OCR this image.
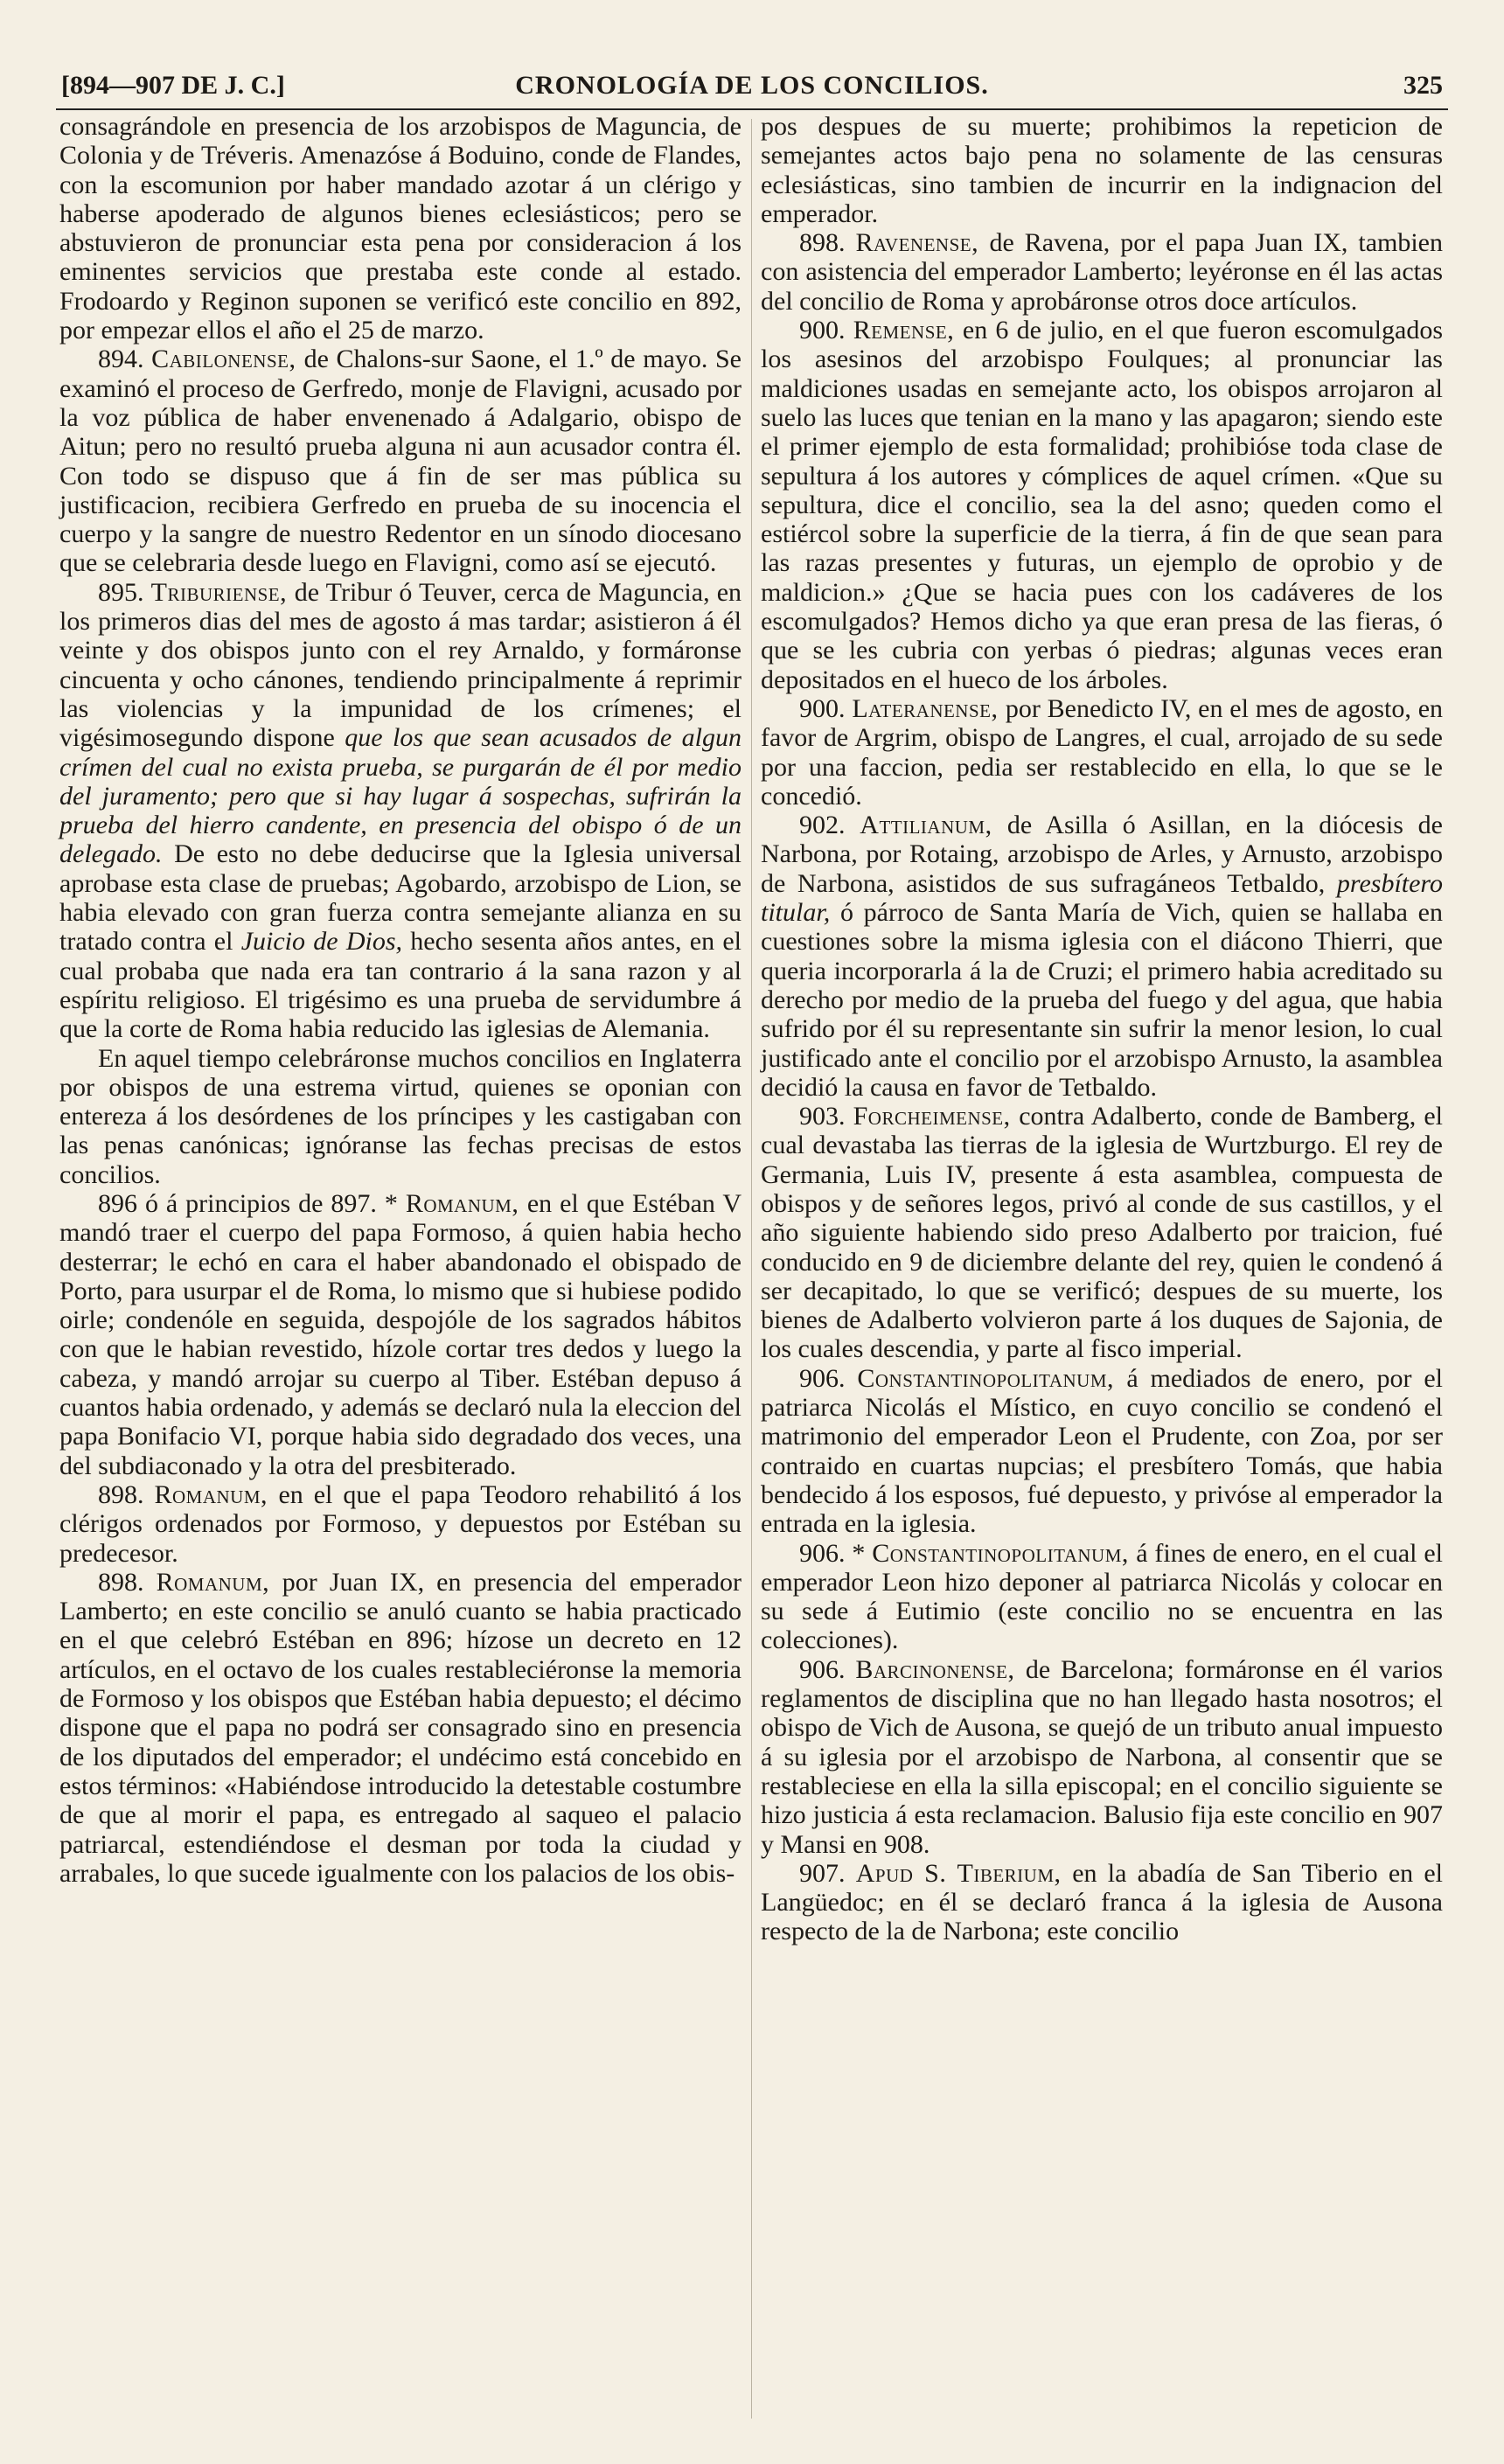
[894—907 DE J. C.]	CRONOLOGÍA DE LOS CONCILIOS.	325

consagrándole en presencia de los arzobispos de Maguncia, de Colonia y de Tréveris. Amenazóse á Boduino, conde de Flandes, con la escomunion por haber mandado azotar á un clérigo y haberse apoderado de algunos bienes eclesiásticos; pero se abstuvieron de pronunciar esta pena por consideracion á los eminentes servicios que prestaba este conde al estado. Frodoardo y Reginon suponen se verificó este concilio en 892, por empezar ellos el año el 25 de marzo.

894. Cabilonense, de Chalons-sur Saone, el 1.º de mayo. Se examinó el proceso de Gerfredo, monje de Flavigni, acusado por la voz pública de haber envenenado á Adalgario, obispo de Aitun; pero no resultó prueba alguna ni aun acusador contra él. Con todo se dispuso que á fin de ser mas pública su justificacion, recibiera Gerfredo en prueba de su inocencia el cuerpo y la sangre de nuestro Redentor en un sínodo diocesano que se celebraria desde luego en Flavigni, como así se ejecutó.

895. Triburiense, de Tribur ó Teuver, cerca de Maguncia, en los primeros dias del mes de agosto á mas tardar; asistieron á él veinte y dos obispos junto con el rey Arnaldo, y formáronse cincuenta y ocho cánones, tendiendo principalmente á reprimir las violencias y la impunidad de los crímenes; el vigésimosegundo dispone que los que sean acusados de algun crímen del cual no exista prueba, se purgarán de él por medio del juramento; pero que si hay lugar á sospechas, sufrirán la prueba del hierro candente, en presencia del obispo ó de un delegado. De esto no debe deducirse que la Iglesia universal aprobase esta clase de pruebas; Agobardo, arzobispo de Lion, se habia elevado con gran fuerza contra semejante alianza en su tratado contra el Juicio de Dios, hecho sesenta años antes, en el cual probaba que nada era tan contrario á la sana razon y al espíritu religioso. El trigésimo es una prueba de servidumbre á que la corte de Roma habia reducido las iglesias de Alemania.

En aquel tiempo celebráronse muchos concilios en Inglaterra por obispos de una estrema virtud, quienes se oponian con entereza á los desórdenes de los príncipes y les castigaban con las penas canónicas; ignóranse las fechas precisas de estos concilios.

896 ó á principios de 897. * Romanum, en el que Estéban V mandó traer el cuerpo del papa Formoso, á quien habia hecho desterrar; le echó en cara el haber abandonado el obispado de Porto, para usurpar el de Roma, lo mismo que si hubiese podido oirle; condenóle en seguida, despojóle de los sagrados hábitos con que le habian revestido, hízole cortar tres dedos y luego la cabeza, y mandó arrojar su cuerpo al Tiber. Estéban depuso á cuantos habia ordenado, y además se declaró nula la eleccion del papa Bonifacio VI, porque habia sido degradado dos veces, una del subdiaconado y la otra del presbiterado.

898. Romanum, en el que el papa Teodoro rehabilitó á los clérigos ordenados por Formoso, y depuestos por Estéban su predecesor.

898. Romanum, por Juan IX, en presencia del emperador Lamberto; en este concilio se anuló cuanto se habia practicado en el que celebró Estéban en 896; hízose un decreto en 12 artículos, en el octavo de los cuales restableciéronse la memoria de Formoso y los obispos que Estéban habia depuesto; el décimo dispone que el papa no podrá ser consagrado sino en presencia de los diputados del emperador; el undécimo está concebido en estos términos: «Habiéndose introducido la detestable costumbre de que al morir el papa, es entregado al saqueo el palacio patriarcal, estendiéndose el desman por toda la ciudad y arrabales, lo que sucede igualmente con los palacios de los obis-

pos despues de su muerte; prohibimos la repeticion de semejantes actos bajo pena no solamente de las censuras eclesiásticas, sino tambien de incurrir en la indignacion del emperador.

898. Ravenense, de Ravena, por el papa Juan IX, tambien con asistencia del emperador Lamberto; leyéronse en él las actas del concilio de Roma y aprobáronse otros doce artículos.

900. Remense, en 6 de julio, en el que fueron escomulgados los asesinos del arzobispo Foulques; al pronunciar las maldiciones usadas en semejante acto, los obispos arrojaron al suelo las luces que tenian en la mano y las apagaron; siendo este el primer ejemplo de esta formalidad; prohibióse toda clase de sepultura á los autores y cómplices de aquel crímen. «Que su sepultura, dice el concilio, sea la del asno; queden como el estiércol sobre la superficie de la tierra, á fin de que sean para las razas presentes y futuras, un ejemplo de oprobio y de maldicion.» ¿Que se hacia pues con los cadáveres de los escomulgados? Hemos dicho ya que eran presa de las fieras, ó que se les cubria con yerbas ó piedras; algunas veces eran depositados en el hueco de los árboles.

900. Lateranense, por Benedicto IV, en el mes de agosto, en favor de Argrim, obispo de Langres, el cual, arrojado de su sede por una faccion, pedia ser restablecido en ella, lo que se le concedió.

902. Attilianum, de Asilla ó Asillan, en la diócesis de Narbona, por Rotaing, arzobispo de Arles, y Arnusto, arzobispo de Narbona, asistidos de sus sufragáneos Tetbaldo, presbítero titular, ó párroco de Santa María de Vich, quien se hallaba en cuestiones sobre la misma iglesia con el diácono Thierri, que queria incorporarla á la de Cruzi; el primero habia acreditado su derecho por medio de la prueba del fuego y del agua, que habia sufrido por él su representante sin sufrir la menor lesion, lo cual justificado ante el concilio por el arzobispo Arnusto, la asamblea decidió la causa en favor de Tetbaldo.

903. Forcheimense, contra Adalberto, conde de Bamberg, el cual devastaba las tierras de la iglesia de Wurtzburgo. El rey de Germania, Luis IV, presente á esta asamblea, compuesta de obispos y de señores legos, privó al conde de sus castillos, y el año siguiente habiendo sido preso Adalberto por traicion, fué conducido en 9 de diciembre delante del rey, quien le condenó á ser decapitado, lo que se verificó; despues de su muerte, los bienes de Adalberto volvieron parte á los duques de Sajonia, de los cuales descendia, y parte al fisco imperial.

906. Constantinopolitanum, á mediados de enero, por el patriarca Nicolás el Místico, en cuyo concilio se condenó el matrimonio del emperador Leon el Prudente, con Zoa, por ser contraido en cuartas nupcias; el presbítero Tomás, que habia bendecido á los esposos, fué depuesto, y privóse al emperador la entrada en la iglesia.

906. * Constantinopolitanum, á fines de enero, en el cual el emperador Leon hizo deponer al patriarca Nicolás y colocar en su sede á Eutimio (este concilio no se encuentra en las colecciones).

906. Barcinonense, de Barcelona; formáronse en él varios reglamentos de disciplina que no han llegado hasta nosotros; el obispo de Vich de Ausona, se quejó de un tributo anual impuesto á su iglesia por el arzobispo de Narbona, al consentir que se restableciese en ella la silla episcopal; en el concilio siguiente se hizo justicia á esta reclamacion. Balusio fija este concilio en 907 y Mansi en 908.

907. Apud S. Tiberium, en la abadía de San Tiberio en el Langüedoc; en él se declaró franca á la iglesia de Ausona respecto de la de Narbona; este concilio
